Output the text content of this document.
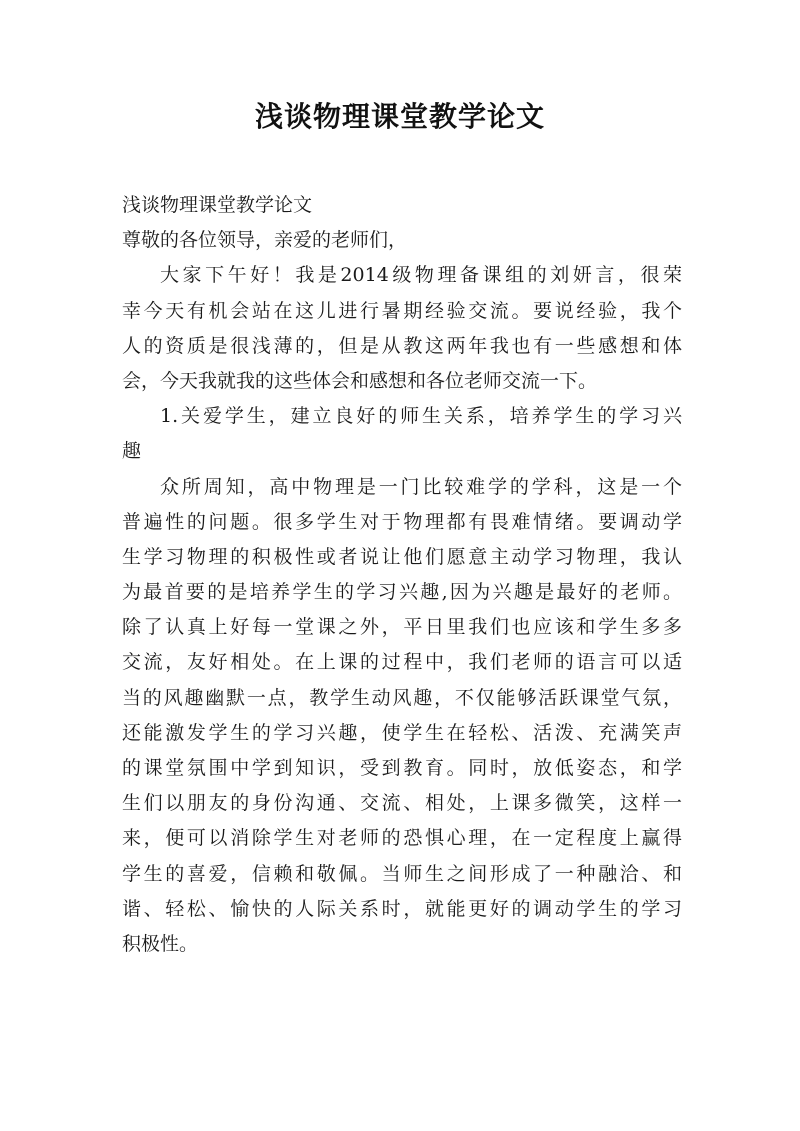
浅谈物理课堂教学论文
浅谈物理课堂教学论文
尊敬的各位领导，亲爱的老师们，
大家下午好！我是2014级物理备课组的刘妍言，很荣
幸今天有机会站在这儿进行暑期经验交流。要说经验，我个
人的资质是很浅薄的，但是从教这两年我也有一些感想和体
会，今天我就我的这些体会和感想和各位老师交流一下。
1.关爱学生，建立良好的师生关系，培养学生的学习兴
趣
众所周知，高中物理是一门比较难学的学科，这是一个
普遍性的问题。很多学生对于物理都有畏难情绪。要调动学
生学习物理的积极性或者说让他们愿意主动学习物理，我认
为最首要的是培养学生的学习兴趣,因为兴趣是最好的老师。
除了认真上好每一堂课之外，平日里我们也应该和学生多多
交流，友好相处。在上课的过程中，我们老师的语言可以适
当的风趣幽默一点，教学生动风趣，不仅能够活跃课堂气氛，
还能激发学生的学习兴趣，使学生在轻松、活泼、充满笑声
的课堂氛围中学到知识，受到教育。同时，放低姿态，和学
生们以朋友的身份沟通、交流、相处，上课多微笑，这样一
来，便可以消除学生对老师的恐惧心理，在一定程度上赢得
学生的喜爱，信赖和敬佩。当师生之间形成了一种融洽、和
谐、轻松、愉快的人际关系时，就能更好的调动学生的学习
积极性。
